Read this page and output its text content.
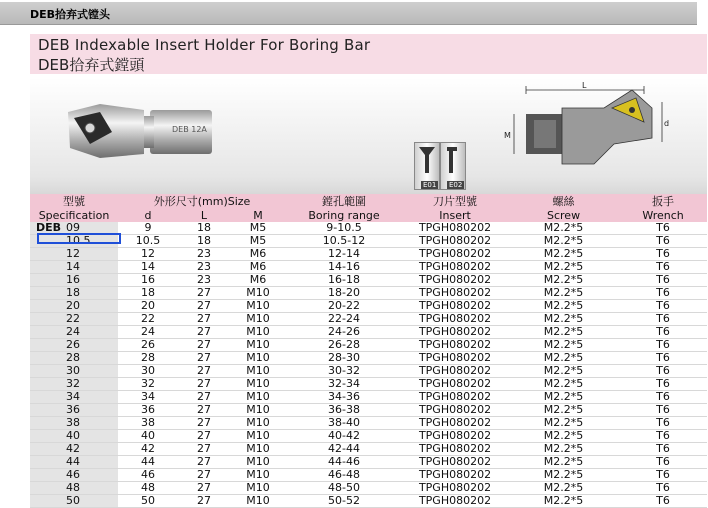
DEB拾弃式镗头
DEB Indexable Insert Holder For Boring Bar
DEB拾弃式鏜頭
DEB 12A
E01 E02
L
M
d
型號	外形尺寸(mm)Size			鏜孔範圍	刀片型號	螺絲	扳手
Specification	d	L	M	Boring range	Insert	Screw	Wrench
DEB 09	9	18	M5	9-10.5	TPGH080202	M2.2*5	T6
10.5	10.5	18	M5	10.5-12	TPGH080202	M2.2*5	T6
12	12	23	M6	12-14	TPGH080202	M2.2*5	T6
14	14	23	M6	14-16	TPGH080202	M2.2*5	T6
16	16	23	M6	16-18	TPGH080202	M2.2*5	T6
18	18	27	M10	18-20	TPGH080202	M2.2*5	T6
20	20	27	M10	20-22	TPGH080202	M2.2*5	T6
22	22	27	M10	22-24	TPGH080202	M2.2*5	T6
24	24	27	M10	24-26	TPGH080202	M2.2*5	T6
26	26	27	M10	26-28	TPGH080202	M2.2*5	T6
28	28	27	M10	28-30	TPGH080202	M2.2*5	T6
30	30	27	M10	30-32	TPGH080202	M2.2*5	T6
32	32	27	M10	32-34	TPGH080202	M2.2*5	T6
34	34	27	M10	34-36	TPGH080202	M2.2*5	T6
36	36	27	M10	36-38	TPGH080202	M2.2*5	T6
38	38	27	M10	38-40	TPGH080202	M2.2*5	T6
40	40	27	M10	40-42	TPGH080202	M2.2*5	T6
42	42	27	M10	42-44	TPGH080202	M2.2*5	T6
44	44	27	M10	44-46	TPGH080202	M2.2*5	T6
46	46	27	M10	46-48	TPGH080202	M2.2*5	T6
48	48	27	M10	48-50	TPGH080202	M2.2*5	T6
50	50	27	M10	50-52	TPGH080202	M2.2*5	T6
